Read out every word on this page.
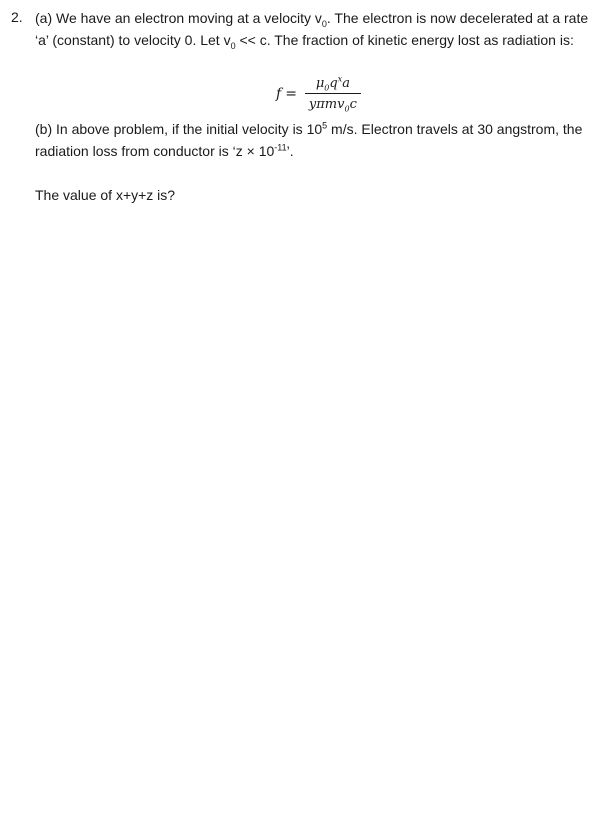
2. (a) We have an electron moving at a velocity $v_0$. The electron is now decelerated at a rate ‘a’ (constant) to velocity 0. Let $v_0 << c$. The fraction of kinetic energy lost as radiation is:
$f = \frac{\mu_0q^xa}{y\pi mv_0c}$
(b) In above problem, if the initial velocity is $10^5$ m/s. Electron travels at 30 angstrom, the radiation loss from conductor is ‘$z \times 10^{-11}$’.
The value of x+y+z is?
